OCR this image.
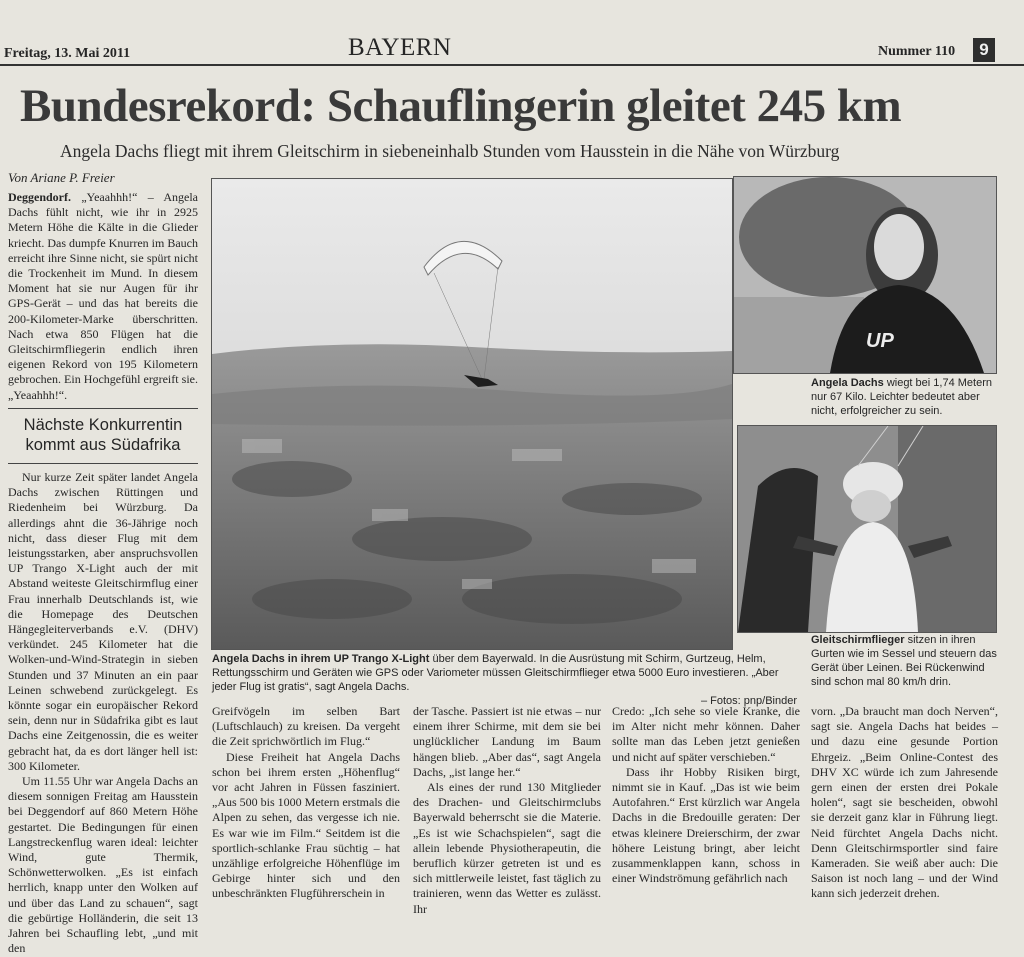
Freitag, 13. Mai 2011	BAYERN	Nummer 110	9
Bundesrekord: Schauflingerin gleitet 245 km
Angela Dachs fliegt mit ihrem Gleitschirm in siebeneinhalb Stunden vom Hausstein in die Nähe von Würzburg
Von Ariane P. Freier

Deggendorf. „Yeaahhh!“ – Angela Dachs fühlt nicht, wie ihr in 2925 Metern Höhe die Kälte in die Glieder kriecht. Das dumpfe Knurren im Bauch erreicht ihre Sinne nicht, sie spürt nicht die Trockenheit im Mund. In diesem Moment hat sie nur Augen für ihr GPS-Gerät – und das hat bereits die 200-Kilometer-Marke überschritten. Nach etwa 850 Flügen hat die Gleitschirmfliegerin endlich ihren eigenen Rekord von 195 Kilometern gebrochen. Ein Hochgefühl ergreift sie. „Yeaahhh!“.

Nächste Konkurrentin
kommt aus Südafrika

Nur kurze Zeit später landet Angela Dachs zwischen Rüttingen und Riedenheim bei Würzburg. Da allerdings ahnt die 36-Jährige noch nicht, dass dieser Flug mit dem leistungsstarken, aber anspruchsvollen UP Trango X-Light auch der mit Abstand weiteste Gleitschirmflug einer Frau innerhalb Deutschlands ist, wie die Homepage des Deutschen Hängegleiterverbands e.V. (DHV) verkündet. 245 Kilometer hat die Wolken-und-Wind-Strategin in sieben Stunden und 37 Minuten an ein paar Leinen schwebend zurückgelegt. Es könnte sogar ein europäischer Rekord sein, denn nur in Südafrika gibt es laut Dachs eine Zeitgenossin, die es weiter gebracht hat, da es dort länger hell ist: 300 Kilometer.

Um 11.55 Uhr war Angela Dachs an diesem sonnigen Freitag am Hausstein bei Deggendorf auf 860 Metern Höhe gestartet. Die Bedingungen für einen Langstreckenflug waren ideal: leichter Wind, gute Thermik, Schönwetterwolken. „Es ist einfach herrlich, knapp unter den Wolken auf und über das Land zu schauen“, sagt die gebürtige Holländerin, die seit 13 Jahren bei Schaufling lebt, „und mit den

Angela Dachs in ihrem UP Trango X-Light über dem Bayerwald. In die Ausrüstung mit Schirm, Gurtzeug, Helm, Rettungsschirm und Geräten wie GPS oder Variometer müssen Gleitschirmflieger etwa 5000 Euro investieren. „Aber jeder Flug ist gratis“, sagt Angela Dachs.
– Fotos: pnp/Binder
UP
Angela Dachs wiegt bei 1,74 Metern nur 67 Kilo. Leichter bedeutet aber nicht, erfolgreicher zu sein.
Gleitschirmflieger sitzen in ihren Gurten wie im Sessel und steuern das Gerät über Leinen. Bei Rückenwind sind schon mal 80 km/h drin.

Greifvögeln im selben Bart (Luftschlauch) zu kreisen. Da vergeht die Zeit sprichwörtlich im Flug.“

Diese Freiheit hat Angela Dachs schon bei ihrem ersten „Höhenflug“ vor acht Jahren in Füssen fasziniert. „Aus 500 bis 1000 Metern erstmals die Alpen zu sehen, das vergesse ich nie. Es war wie im Film.“ Seitdem ist die sportlich-schlanke Frau süchtig – hat unzählige erfolgreiche Höhenflüge im Gebirge hinter sich und den unbeschränkten Flugführerschein in

der Tasche. Passiert ist nie etwas – nur einem ihrer Schirme, mit dem sie bei unglücklicher Landung im Baum hängen blieb. „Aber das“, sagt Angela Dachs, „ist lange her.“

Als eines der rund 130 Mitglieder des Drachen- und Gleitschirmclubs Bayerwald beherrscht sie die Materie. „Es ist wie Schachspielen“, sagt die allein lebende Physiotherapeutin, die beruflich kürzer getreten ist und es sich mittlerweile leistet, fast täglich zu trainieren, wenn das Wetter es zulässt. Ihr

Credo: „Ich sehe so viele Kranke, die im Alter nicht mehr können. Daher sollte man das Leben jetzt genießen und nicht auf später verschieben.“

Dass ihr Hobby Risiken birgt, nimmt sie in Kauf. „Das ist wie beim Autofahren.“ Erst kürzlich war Angela Dachs in die Bredouille geraten: Der etwas kleinere Dreierschirm, der zwar höhere Leistung bringt, aber leicht zusammenklappen kann, schoss in einer Windströmung gefährlich nach

vorn. „Da braucht man doch Nerven“, sagt sie. Angela Dachs hat beides – und dazu eine gesunde Portion Ehrgeiz. „Beim Online-Contest des DHV XC würde ich zum Jahresende gern einen der ersten drei Pokale holen“, sagt sie bescheiden, obwohl sie derzeit ganz klar in Führung liegt. Neid fürchtet Angela Dachs nicht. Denn Gleitschirmsportler sind faire Kameraden. Sie weiß aber auch: Die Saison ist noch lang – und der Wind kann sich jederzeit drehen.
